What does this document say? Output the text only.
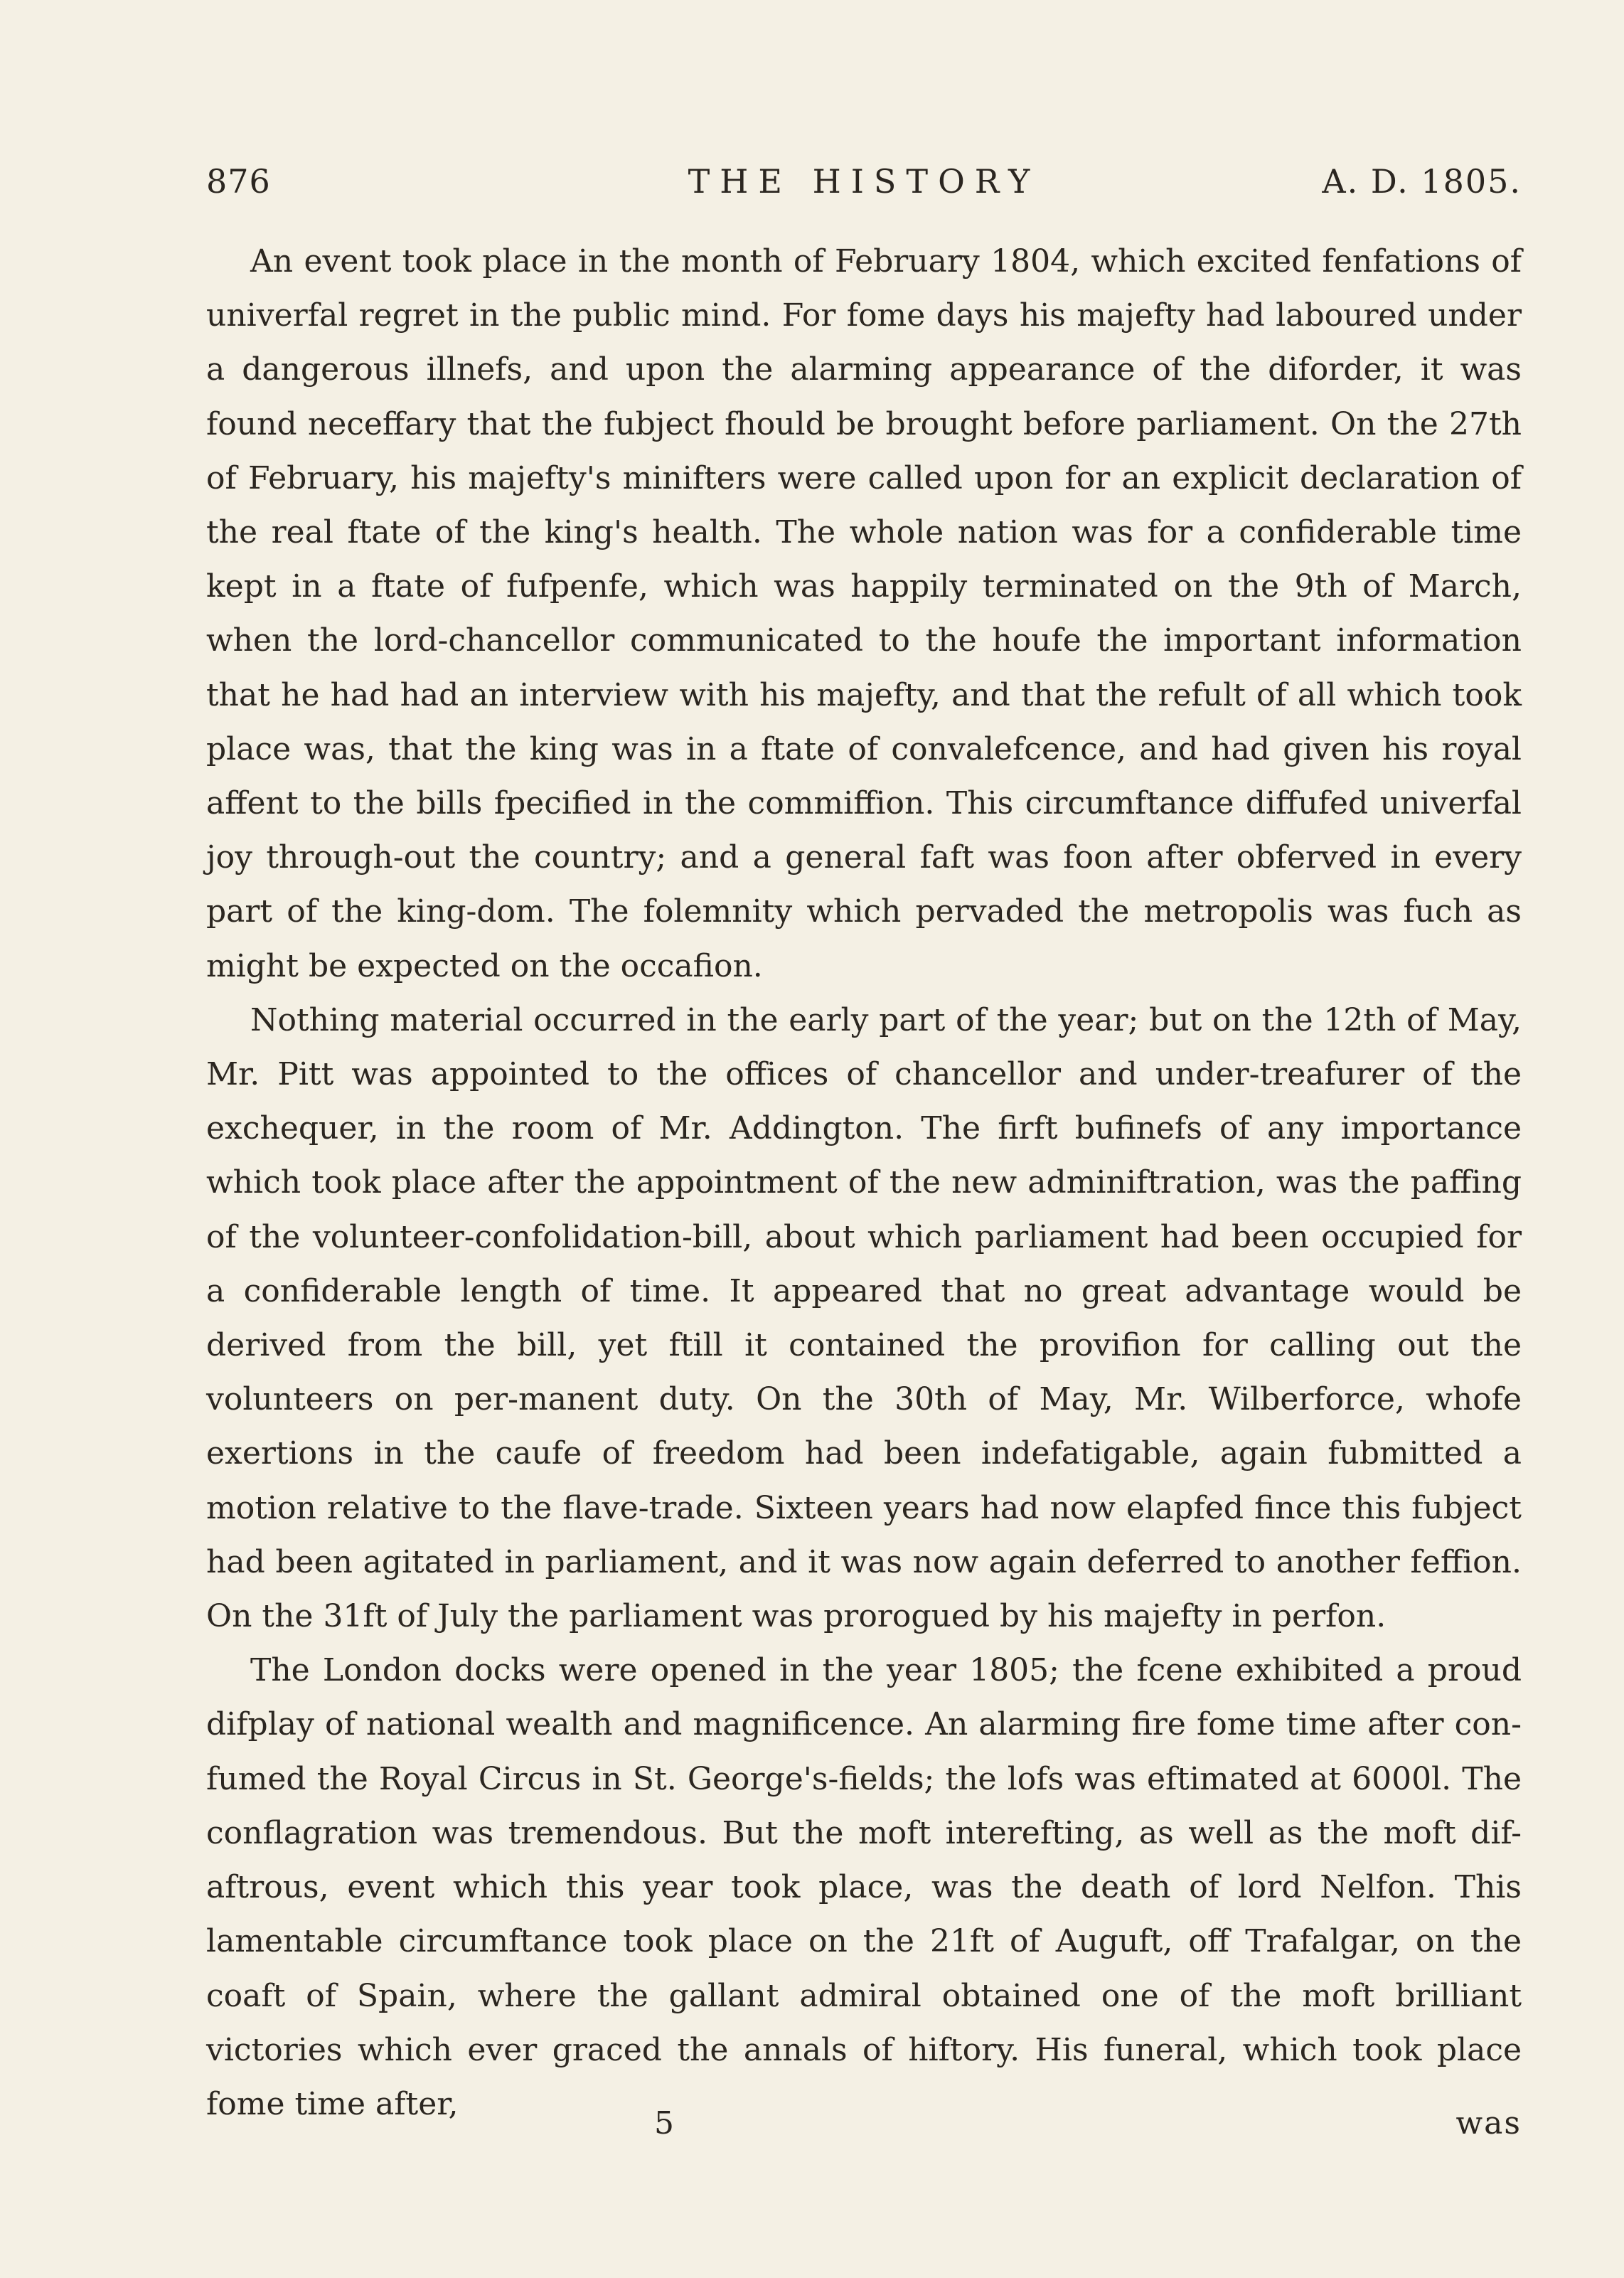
876	THE HISTORY	A. D. 1805.

An event took place in the month of February 1804, which excited fenfations of univerfal regret in the public mind. For fome days his majefty had laboured under a dangerous illnefs, and upon the alarming appearance of the diforder, it was found neceffary that the fubject fhould be brought before parliament. On the 27th of February, his majefty's minifters were called upon for an explicit declaration of the real ftate of the king's health. The whole nation was for a confiderable time kept in a ftate of fufpenfe, which was happily terminated on the 9th of March, when the lord-chancellor communicated to the houfe the important information that he had had an interview with his majefty, and that the refult of all which took place was, that the king was in a ftate of convalefcence, and had given his royal affent to the bills fpecified in the commiffion. This circumftance diffufed univerfal joy through-out the country; and a general faft was foon after obferved in every part of the king-dom. The folemnity which pervaded the metropolis was fuch as might be expected on the occafion.

Nothing material occurred in the early part of the year; but on the 12th of May, Mr. Pitt was appointed to the offices of chancellor and under-treafurer of the exchequer, in the room of Mr. Addington. The firft bufinefs of any importance which took place after the appointment of the new adminiftration, was the paffing of the volunteer-confolidation-bill, about which parliament had been occupied for a confiderable length of time. It appeared that no great advantage would be derived from the bill, yet ftill it contained the provifion for calling out the volunteers on per-manent duty. On the 30th of May, Mr. Wilberforce, whofe exertions in the caufe of freedom had been indefatigable, again fubmitted a motion relative to the flave-trade. Sixteen years had now elapfed fince this fubject had been agitated in parliament, and it was now again deferred to another feffion. On the 31ft of July the parliament was prorogued by his majefty in perfon.

The London docks were opened in the year 1805; the fcene exhibited a proud difplay of national wealth and magnificence. An alarming fire fome time after con-fumed the Royal Circus in St. George's-fields; the lofs was eftimated at 6000l. The conflagration was tremendous. But the moft interefting, as well as the moft dif-aftrous, event which this year took place, was the death of lord Nelfon. This lamentable circumftance took place on the 21ft of Auguft, off Trafalgar, on the coaft of Spain, where the gallant admiral obtained one of the moft brilliant victories which ever graced the annals of hiftory. His funeral, which took place fome time after,

5	was
